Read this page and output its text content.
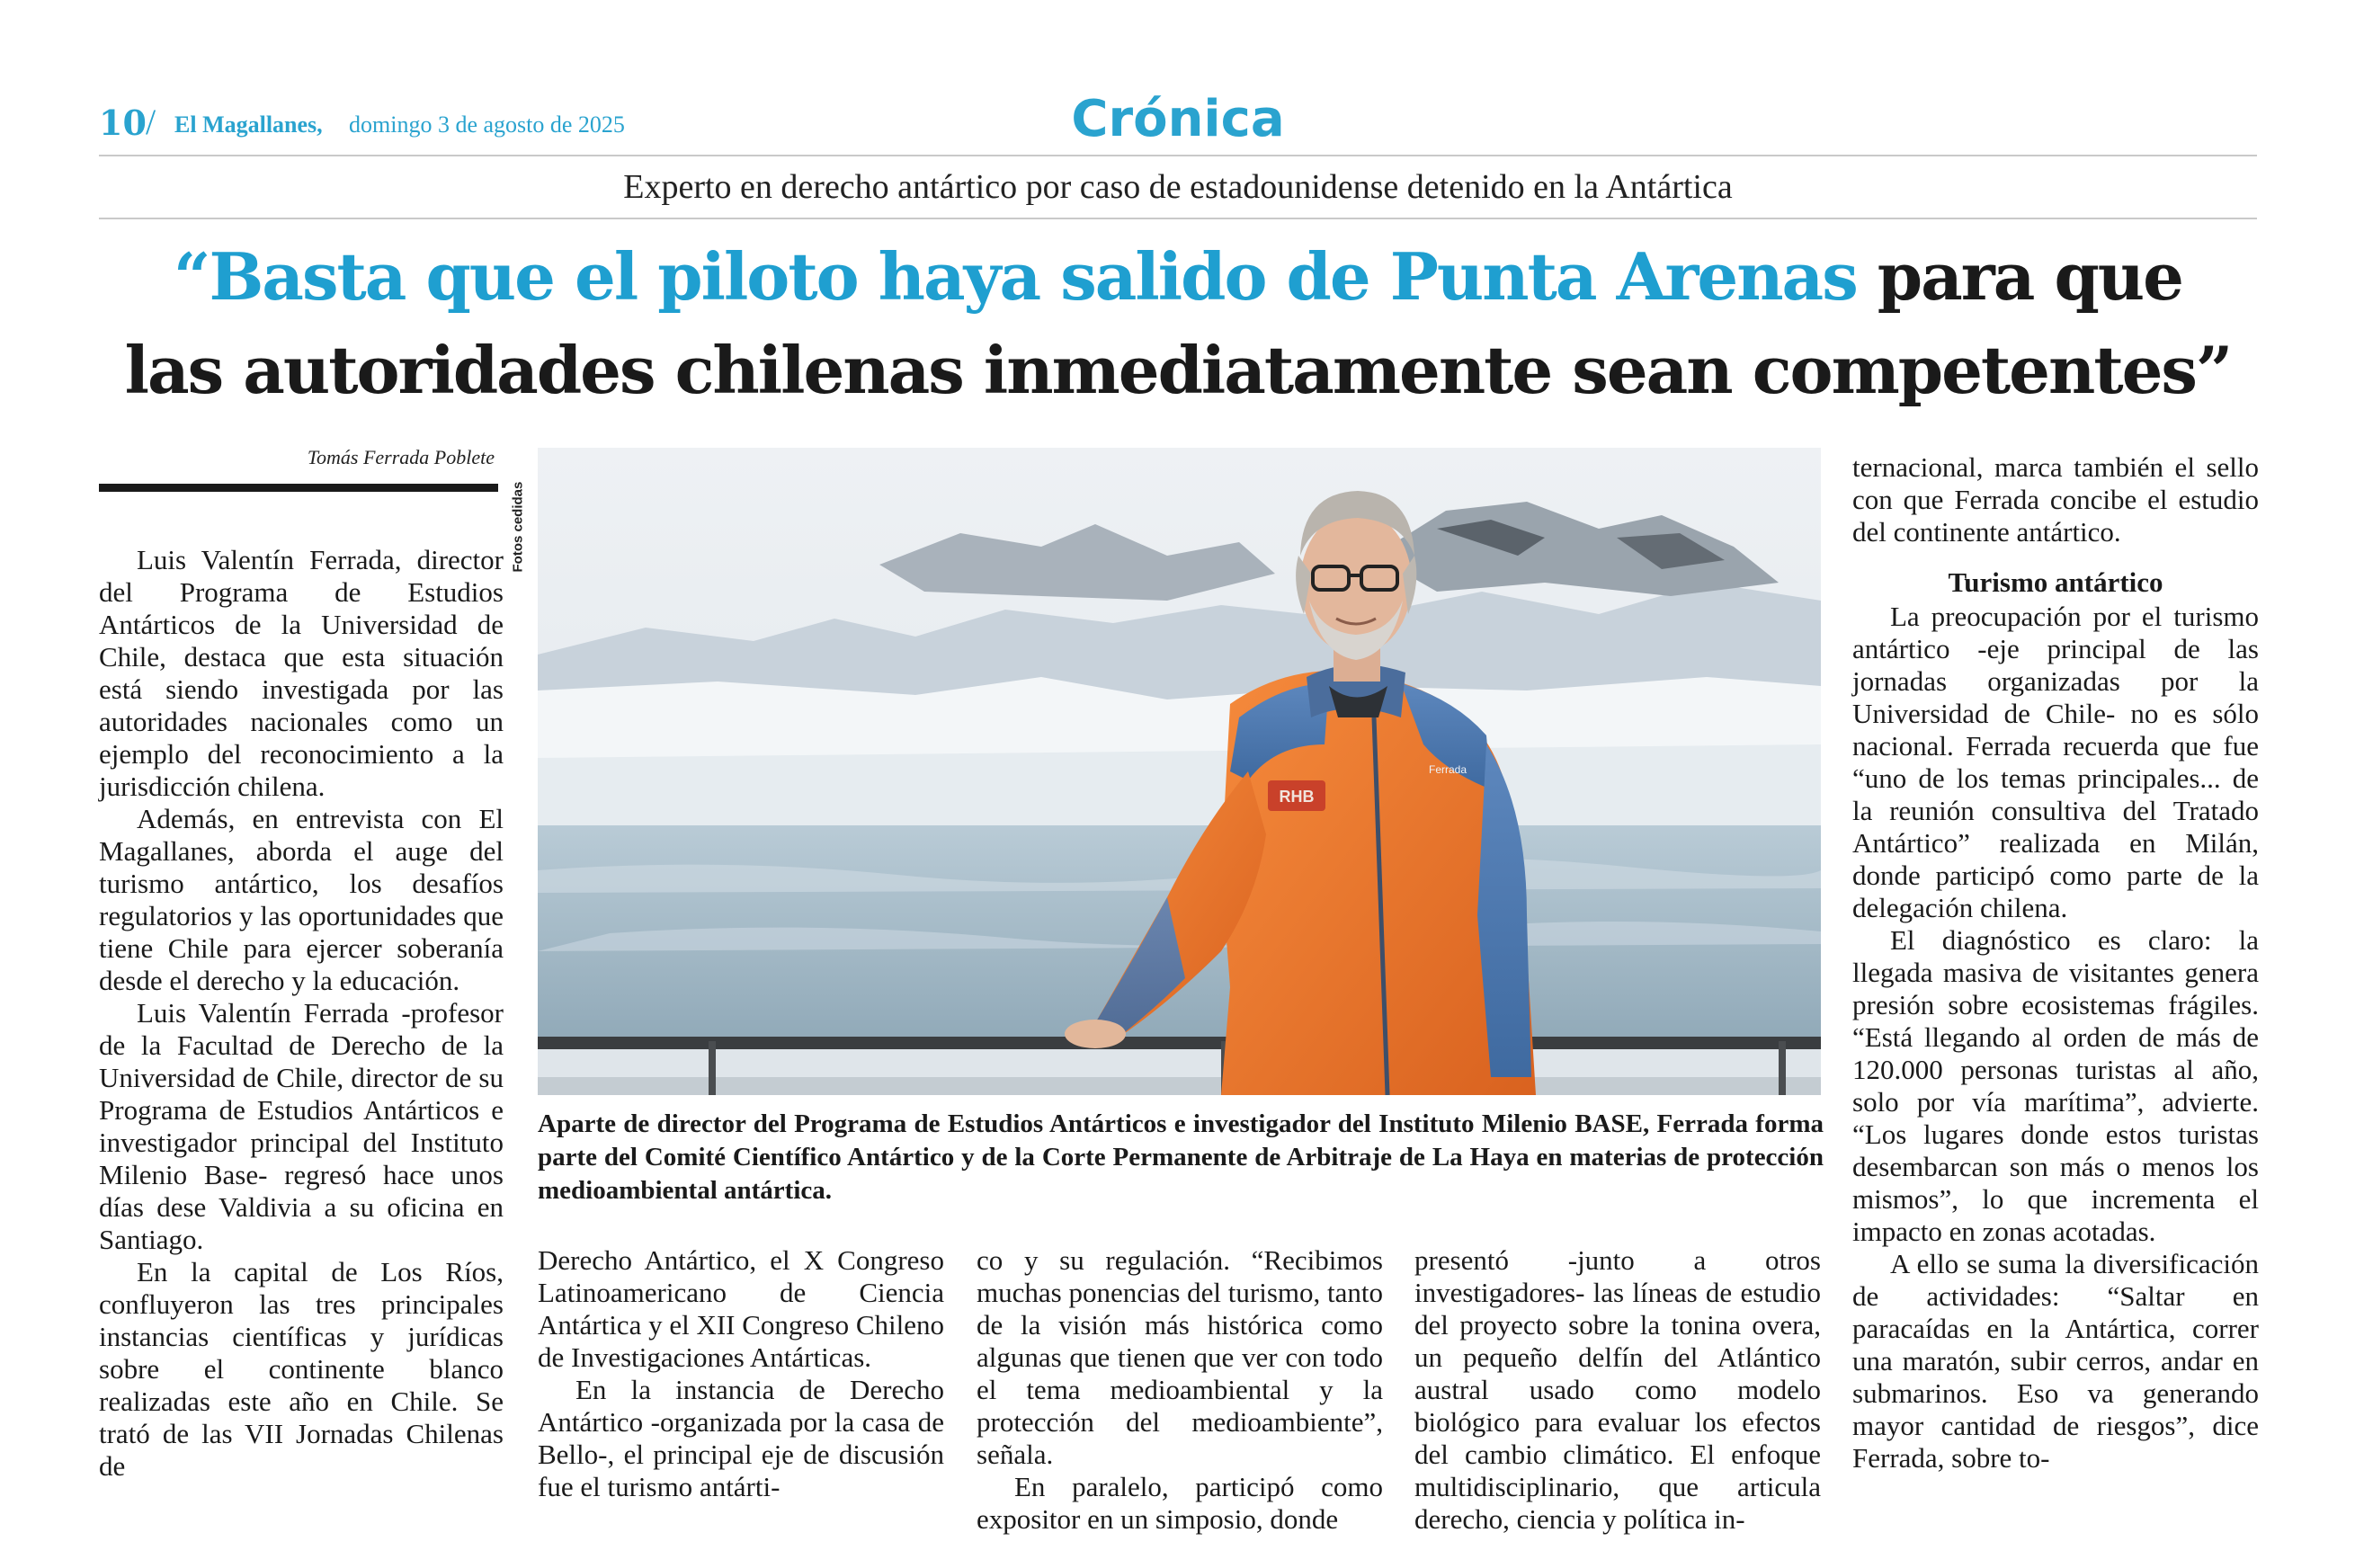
10 / El Magallanes, domingo 3 de agosto de 2025	Crónica
Experto en derecho antártico por caso de estadounidense detenido en la Antártica
“Basta que el piloto haya salido de Punta Arenas para que
las autoridades chilenas inmediatamente sean competentes”
Tomás Ferrada Poblete
Fotos cedidas
RHB
Ferrada
Aparte de director del Programa de Estudios Antárticos e investigador del Instituto Milenio BASE, Ferrada forma parte del Comité Científico Antártico y de la Corte Permanente de Arbitraje de La Haya en materias de protección medioambiental antártica.

Luis Valentín Ferrada, director del Programa de Estudios Antárticos de la Universidad de Chile, destaca que esta situación está siendo investigada por las autoridades nacionales como un ejemplo del reconocimiento a la jurisdicción chilena.

Además, en entrevista con El Magallanes, aborda el auge del turismo antártico, los desafíos regulatorios y las oportunidades que tiene Chile para ejercer soberanía desde el derecho y la educación.

Luis Valentín Ferrada -profesor de la Facultad de Derecho de la Universidad de Chile, director de su Programa de Estudios Antárticos e investigador principal del Instituto Milenio Base- regresó hace unos días dese Valdivia a su oficina en Santiago.

En la capital de Los Ríos, confluyeron las tres principales instancias científicas y jurídicas sobre el continente blanco realizadas este año en Chile. Se trató de las VII Jornadas Chilenas de

Derecho Antártico, el X Congreso Latinoamericano de Ciencia Antártica y el XII Congreso Chileno de Investigaciones Antárticas.

En la instancia de Derecho Antártico -organizada por la casa de Bello-, el principal eje de discusión fue el turismo antárti-

co y su regulación. “Recibimos muchas ponencias del turismo, tanto de la visión más histórica como algunas que tienen que ver con todo el tema medioambiental y la protección del medioambiente”, señala.

En paralelo, participó como expositor en un simposio, donde

presentó -junto a otros investigadores- las líneas de estudio del proyecto sobre la tonina overa, un pequeño delfín del Atlántico austral usado como modelo biológico para evaluar los efectos del cambio climático. El enfoque multidisciplinario, que articula derecho, ciencia y política in-

ternacional, marca también el sello con que Ferrada concibe el estudio del continente antártico.

Turismo antártico

La preocupación por el turismo antártico -eje principal de las jornadas organizadas por la Universidad de Chile- no es sólo nacional. Ferrada recuerda que fue “uno de los temas principales... de la reunión consultiva del Tratado Antártico” realizada en Milán, donde participó como parte de la delegación chilena.

El diagnóstico es claro: la llegada masiva de visitantes genera presión sobre ecosistemas frágiles. “Está llegando al orden de más de 120.000 personas turistas al año, solo por vía marítima”, advierte. “Los lugares donde estos turistas desembarcan son más o menos los mismos”, lo que incrementa el impacto en zonas acotadas.

A ello se suma la diversificación de actividades: “Saltar en paracaídas en la Antártica, correr una maratón, subir cerros, andar en submarinos. Eso va generando mayor cantidad de riesgos”, dice Ferrada, sobre to-
